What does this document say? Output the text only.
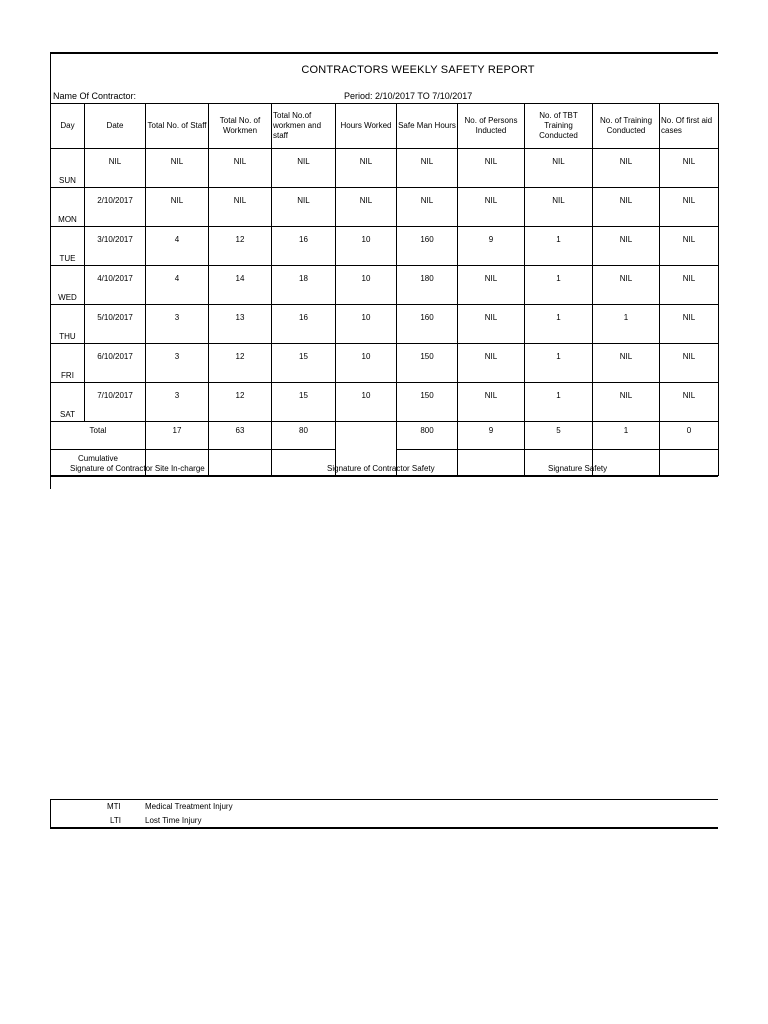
CONTRACTORS WEEKLY SAFETY REPORT
Name Of Contractor:	Period: 2/10/2017 TO 7/10/2017
Day	Date	Total No. of Staff	Total No. of Workmen	Total No.of workmen and staff	Hours Worked	Safe Man Hours	No. of Persons Inducted	No. of TBT Training Conducted	No. of Training Conducted	No. Of first aid cases
SUN	NIL	NIL	NIL	NIL	NIL	NIL	NIL	NIL	NIL	NIL
MON	2/10/2017	NIL	NIL	NIL	NIL	NIL	NIL	NIL	NIL	NIL
TUE	3/10/2017	4	12	16	10	160	9	1	NIL	NIL
WED	4/10/2017	4	14	18	10	180	NIL	1	NIL	NIL
THU	5/10/2017	3	13	16	10	160	NIL	1	1	NIL
FRI	6/10/2017	3	12	15	10	150	NIL	1	NIL	NIL
SAT	7/10/2017	3	12	15	10	150	NIL	1	NIL	NIL
Total		17	63	80		800	9	5	1	0
Cumulative										
Signature of Contractor Site In-charge	Signature of Contractor Safety	Signature Safety
MTI	Medical Treatment Injury
LTI	Lost Time Injury
